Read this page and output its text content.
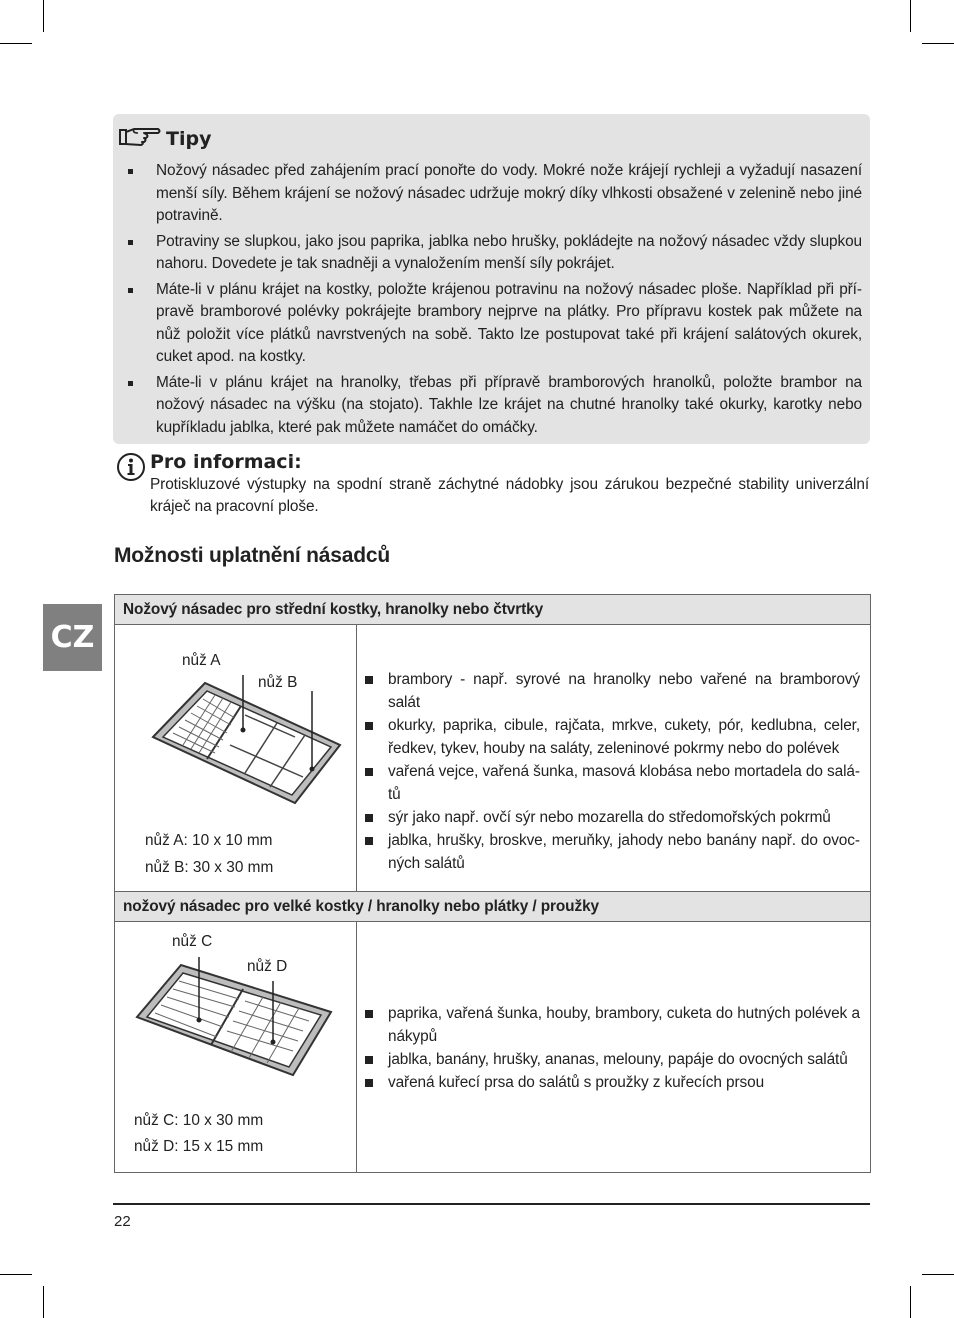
Tipy
Nožový násadec před zahájením prací ponořte do vody. Mokré nože krájejí rychleji a vyžadují nasazení menší síly. Během krájení se nožový násadec udržuje mokrý díky vlhkosti obsažené v zelenině nebo jiné potravině.
Potraviny se slupkou, jako jsou paprika, jablka nebo hrušky, pokládejte na nožový násadec vždy slupkou nahoru. Dovedete je tak snadněji a vynaložením menší síly pokrájet.
Máte-li v plánu krájet na kostky, položte krájenou potravinu na nožový násadec ploše. Například při přípravě bramborové polévky pokrájejte brambory nejprve na plátky. Pro přípravu kostek pak můžete na nůž položit více plátků navrstvených na sobě. Takto lze postupovat také při krájení salátových okurek, cuket apod. na kostky.
Máte-li v plánu krájet na hranolky, třebas při přípravě bramborových hranolků, položte brambor na nožový násadec na výšku (na stojato). Takhle lze krájet na chutné hranolky také okurky, karotky nebo kupříkladu jablka, které pak můžete namáčet do omáčky.
Pro informaci:
Protiskluzové výstupky na spodní straně záchytné nádobky jsou zárukou bezpečné stability univerzální kráječ na pracovní ploše.
Možnosti uplatnění násadců
CZ
Nožový násadec pro střední kostky, hranolky nebo čtvrtky
nožový násadec pro velké kostky / hranolky nebo plátky / proužky
nůž A
nůž B
nůž A: 10 x 10 mm
nůž B: 30 x 30 mm
brambory - např. syrové na hranolky nebo vařené na bramborový salát
okurky, paprika, cibule, rajčata, mrkve, cukety, pór, kedlubna, celer, ředkev, tykev, houby na saláty, zeleninové pokrmy nebo do polévek
vařená vejce, vařená šunka, masová klobása nebo mortadela do salátů
sýr jako např. ovčí sýr nebo mozarella do středomořských pokrmů
jablka, hrušky, broskve, meruňky, jahody nebo banány např. do ovocných salátů
nůž C
nůž D
nůž C: 10 x 30 mm
nůž D: 15 x 15 mm
paprika, vařená šunka, houby, brambory, cuketa do hutných polévek a nákypů
jablka, banány, hrušky, ananas, melouny, papáje do ovocných salátů
vařená kuřecí prsa do salátů s proužky z kuřecích prsou
22
